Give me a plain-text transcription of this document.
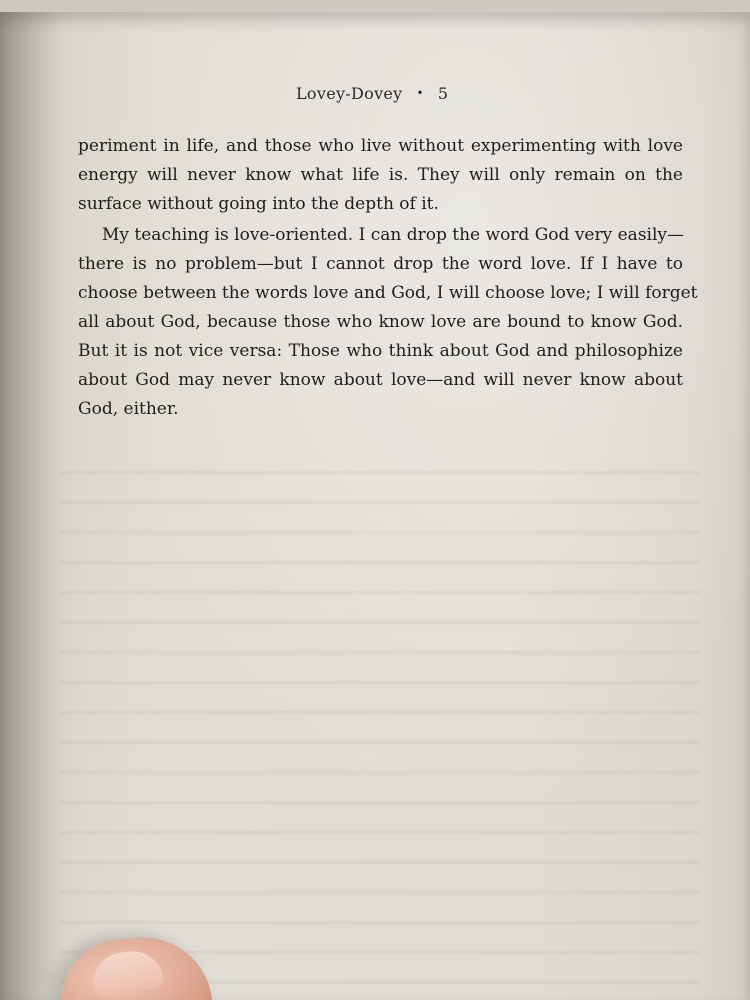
Lovey-Dovey • 5
periment in life, and those who live without experimenting with love
energy will never know what life is. They will only remain on the
surface without going into the depth of it.
My teaching is love-oriented. I can drop the word God very easily—
there is no problem—but I cannot drop the word love. If I have to
choose between the words love and God, I will choose love; I will forget
all about God, because those who know love are bound to know God.
But it is not vice versa: Those who think about God and philosophize
about God may never know about love—and will never know about
God, either.
